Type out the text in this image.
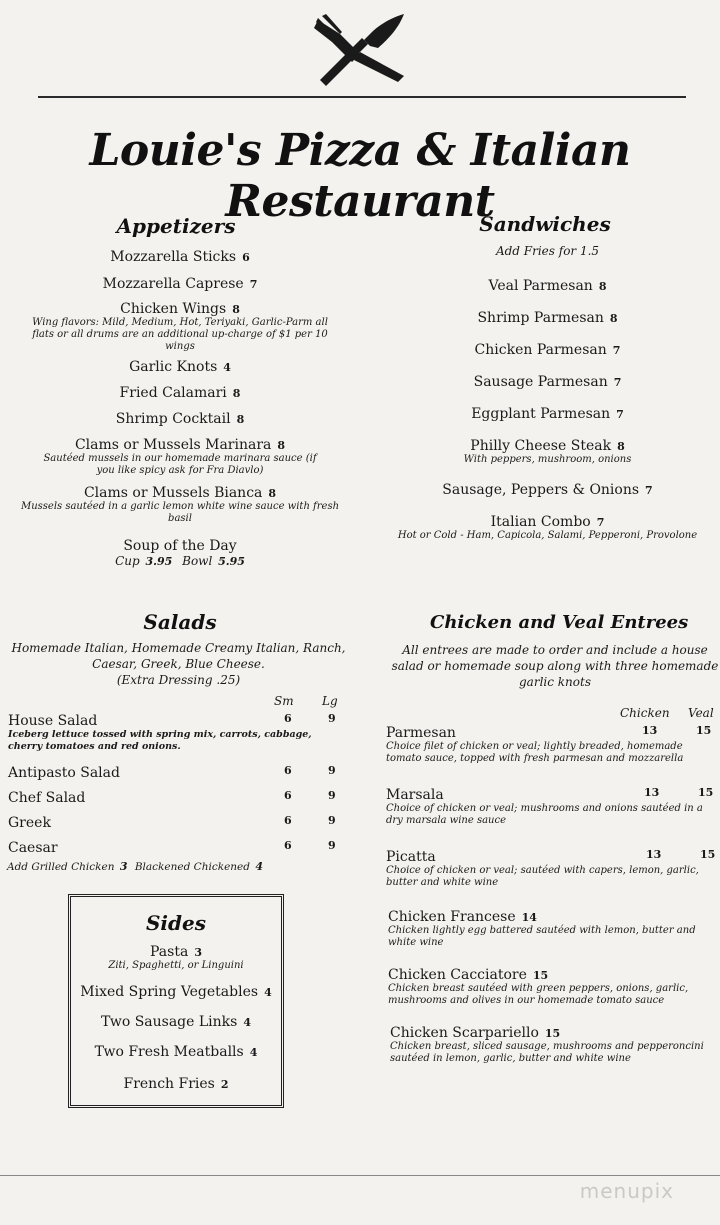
Louie's Pizza & Italian Restaurant
Appetizers
Mozzarella Sticks 6
Mozzarella Caprese 7
Chicken Wings 8
Wing flavors: Mild, Medium, Hot, Teriyaki, Garlic-Parm all flats or all drums are an additional up-charge of $1 per 10 wings
Garlic Knots 4
Fried Calamari 8
Shrimp Cocktail 8
Clams or Mussels Marinara 8
Sautéed mussels in our homemade marinara sauce (if you like spicy ask for Fra Diavlo)
Clams or Mussels Bianca 8
Mussels sautéed in a garlic lemon white wine sauce with fresh basil
Soup of the Day
Cup 3.95 Bowl 5.95
Sandwiches
Add Fries for 1.5
Veal Parmesan 8
Shrimp Parmesan 8
Chicken Parmesan 7
Sausage Parmesan 7
Eggplant Parmesan 7
Philly Cheese Steak 8
With peppers, mushroom, onions
Sausage, Peppers & Onions 7
Italian Combo 7
Hot or Cold - Ham, Capicola, Salami, Pepperoni, Provolone
Salads
Homemade Italian, Homemade Creamy Italian, Ranch, Caesar, Greek, Blue Cheese.
(Extra Dressing .25)
Sm Lg
House Salad	6	9
Iceberg lettuce tossed with spring mix, carrots, cabbage, cherry tomatoes and red onions.
Antipasto Salad	6	9
Chef Salad	6	9
Greek	6	9
Caesar	6	9
Add Grilled Chicken 3 Blackened Chickened 4
Sides
Pasta 3
Ziti, Spaghetti, or Linguini
Mixed Spring Vegetables 4
Two Sausage Links 4
Two Fresh Meatballs 4
French Fries 2
Chicken and Veal Entrees
All entrees are made to order and include a house salad or homemade soup along with three homemade garlic knots
Chicken Veal
Parmesan	13	15
Choice filet of chicken or veal; lightly breaded, homemade tomato sauce, topped with fresh parmesan and mozzarella
Marsala	13	15
Choice of chicken or veal; mushrooms and onions sautéed in a dry marsala wine sauce
Picatta	13	15
Choice of chicken or veal; sautéed with capers, lemon, garlic, butter and white wine
Chicken Francese 14
Chicken lightly egg battered sautéed with lemon, butter and white wine
Chicken Cacciatore 15
Chicken breast sautéed with green peppers, onions, garlic, mushrooms and olives in our homemade tomato sauce
Chicken Scarpariello 15
Chicken breast, sliced sausage, mushrooms and pepperoncini sautéed in lemon, garlic, butter and white wine
menupix
